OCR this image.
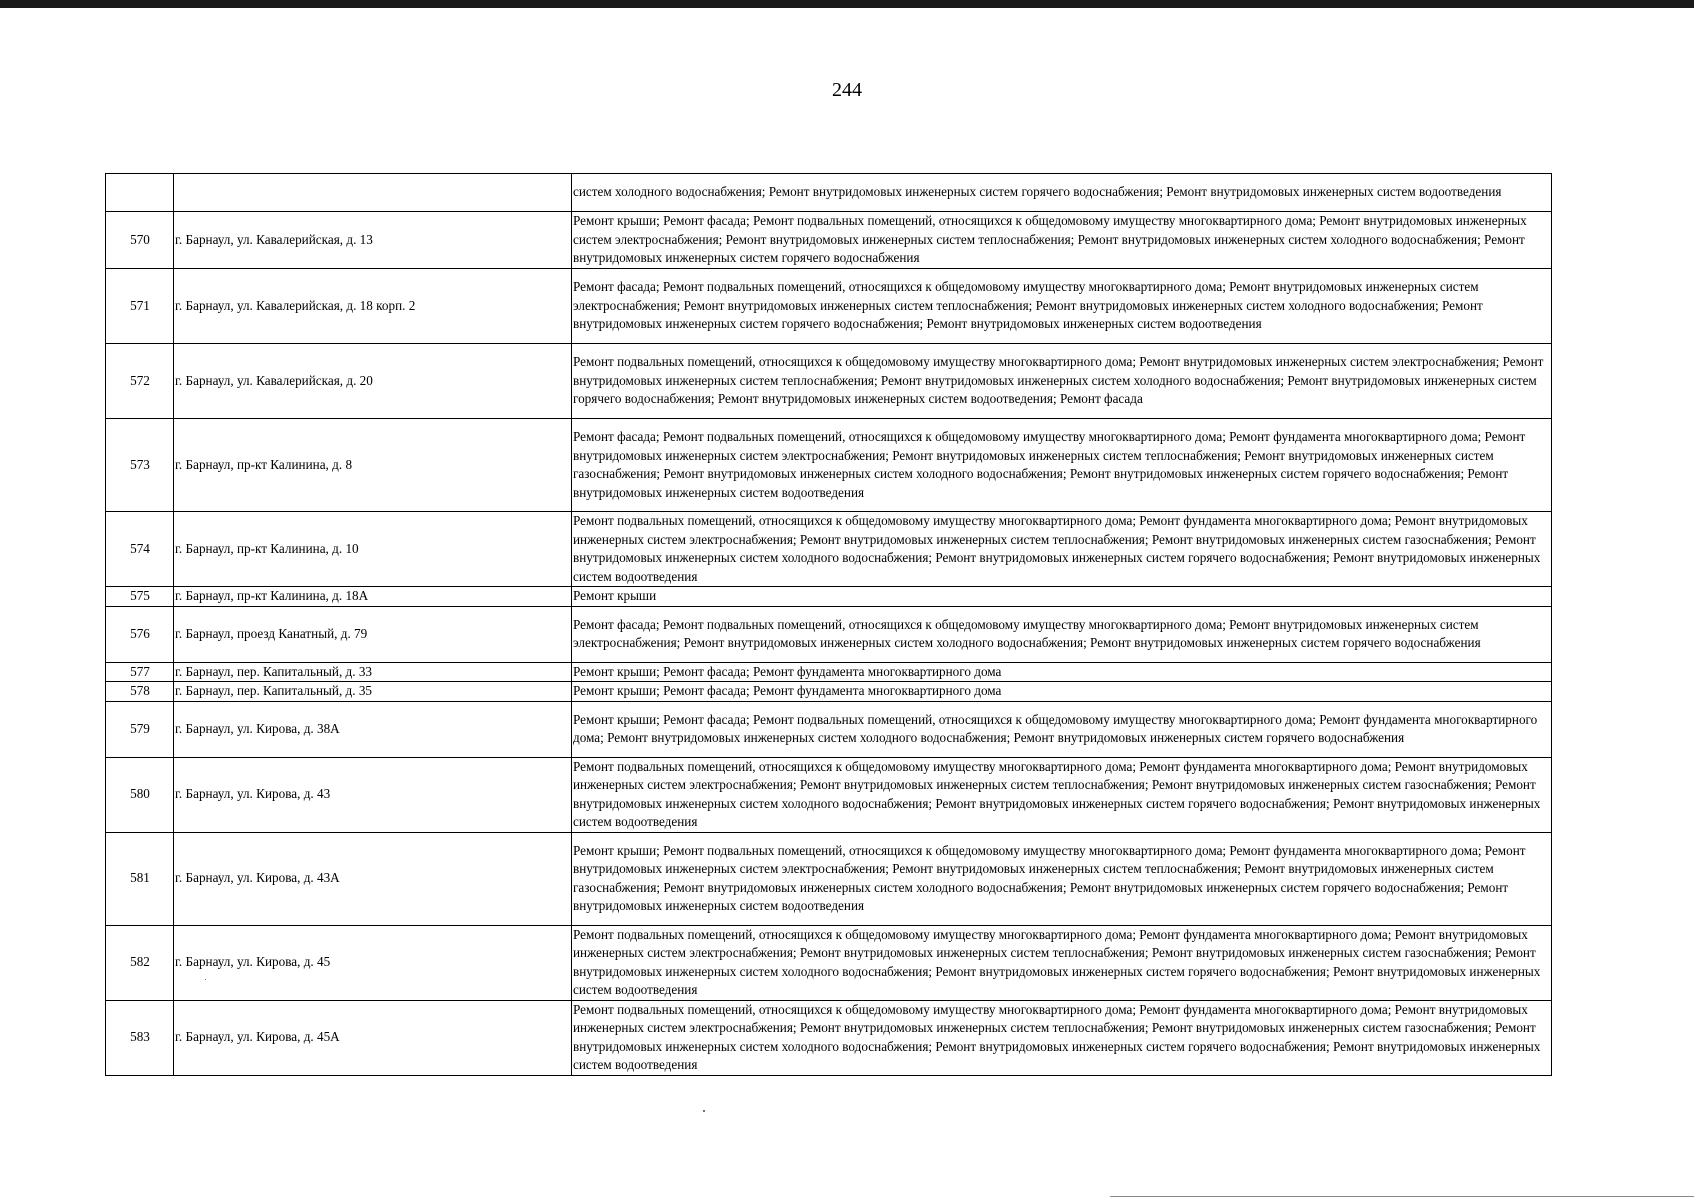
244
		систем холодного водоснабжения; Ремонт внутридомовых инженерных систем горячего водоснабжения; Ремонт внутридомовых инженерных систем водоотведения
570	г. Барнаул, ул. Кавалерийская, д. 13	Ремонт крыши; Ремонт фасада; Ремонт подвальных помещений, относящихся к общедомовому имуществу многоквартирного дома; Ремонт внутридомовых инженерных систем электроснабжения; Ремонт внутридомовых инженерных систем теплоснабжения; Ремонт внутридомовых инженерных систем холодного водоснабжения; Ремонт внутридомовых инженерных систем горячего водоснабжения
571	г. Барнаул, ул. Кавалерийская, д. 18 корп. 2	Ремонт фасада; Ремонт подвальных помещений, относящихся к общедомовому имуществу многоквартирного дома; Ремонт внутридомовых инженерных систем электроснабжения; Ремонт внутридомовых инженерных систем теплоснабжения; Ремонт внутридомовых инженерных систем холодного водоснабжения; Ремонт внутридомовых инженерных систем горячего водоснабжения; Ремонт внутридомовых инженерных систем водоотведения
572	г. Барнаул, ул. Кавалерийская, д. 20	Ремонт подвальных помещений, относящихся к общедомовому имуществу многоквартирного дома; Ремонт внутридомовых инженерных систем электроснабжения; Ремонт внутридомовых инженерных систем теплоснабжения; Ремонт внутридомовых инженерных систем холодного водоснабжения; Ремонт внутридомовых инженерных систем горячего водоснабжения; Ремонт внутридомовых инженерных систем водоотведения; Ремонт фасада
573	г. Барнаул, пр-кт Калинина, д. 8	Ремонт фасада; Ремонт подвальных помещений, относящихся к общедомовому имуществу многоквартирного дома; Ремонт фундамента многоквартирного дома; Ремонт внутридомовых инженерных систем электроснабжения; Ремонт внутридомовых инженерных систем теплоснабжения; Ремонт внутридомовых инженерных систем газоснабжения; Ремонт внутридомовых инженерных систем холодного водоснабжения; Ремонт внутридомовых инженерных систем горячего водоснабжения; Ремонт внутридомовых инженерных систем водоотведения
574	г. Барнаул, пр-кт Калинина, д. 10	Ремонт подвальных помещений, относящихся к общедомовому имуществу многоквартирного дома; Ремонт фундамента многоквартирного дома; Ремонт внутридомовых инженерных систем электроснабжения; Ремонт внутридомовых инженерных систем теплоснабжения; Ремонт внутридомовых инженерных систем газоснабжения; Ремонт внутридомовых инженерных систем холодного водоснабжения; Ремонт внутридомовых инженерных систем горячего водоснабжения; Ремонт внутридомовых инженерных систем водоотведения
575	г. Барнаул, пр-кт Калинина, д. 18А	Ремонт крыши
576	г. Барнаул, проезд Канатный, д. 79	Ремонт фасада; Ремонт подвальных помещений, относящихся к общедомовому имуществу многоквартирного дома; Ремонт внутридомовых инженерных систем электроснабжения; Ремонт внутридомовых инженерных систем холодного водоснабжения; Ремонт внутридомовых инженерных систем горячего водоснабжения
577	г. Барнаул, пер. Капитальный, д. 33	Ремонт крыши; Ремонт фасада; Ремонт фундамента многоквартирного дома
578	г. Барнаул, пер. Капитальный, д. 35	Ремонт крыши; Ремонт фасада; Ремонт фундамента многоквартирного дома
579	г. Барнаул, ул. Кирова, д. 38А	Ремонт крыши; Ремонт фасада; Ремонт подвальных помещений, относящихся к общедомовому имуществу многоквартирного дома; Ремонт фундамента многоквартирного дома; Ремонт внутридомовых инженерных систем холодного водоснабжения; Ремонт внутридомовых инженерных систем горячего водоснабжения
580	г. Барнаул, ул. Кирова, д. 43	Ремонт подвальных помещений, относящихся к общедомовому имуществу многоквартирного дома; Ремонт фундамента многоквартирного дома; Ремонт внутридомовых инженерных систем электроснабжения; Ремонт внутридомовых инженерных систем теплоснабжения; Ремонт внутридомовых инженерных систем газоснабжения; Ремонт внутридомовых инженерных систем холодного водоснабжения; Ремонт внутридомовых инженерных систем горячего водоснабжения; Ремонт внутридомовых инженерных систем водоотведения
581	г. Барнаул, ул. Кирова, д. 43А	Ремонт крыши; Ремонт подвальных помещений, относящихся к общедомовому имуществу многоквартирного дома; Ремонт фундамента многоквартирного дома; Ремонт внутридомовых инженерных систем электроснабжения; Ремонт внутридомовых инженерных систем теплоснабжения; Ремонт внутридомовых инженерных систем газоснабжения; Ремонт внутридомовых инженерных систем холодного водоснабжения; Ремонт внутридомовых инженерных систем горячего водоснабжения; Ремонт внутридомовых инженерных систем водоотведения
582	г. Барнаул, ул. Кирова, д. 45	Ремонт подвальных помещений, относящихся к общедомовому имуществу многоквартирного дома; Ремонт фундамента многоквартирного дома; Ремонт внутридомовых инженерных систем электроснабжения; Ремонт внутридомовых инженерных систем теплоснабжения; Ремонт внутридомовых инженерных систем газоснабжения; Ремонт внутридомовых инженерных систем холодного водоснабжения; Ремонт внутридомовых инженерных систем горячего водоснабжения; Ремонт внутридомовых инженерных систем водоотведения
583	г. Барнаул, ул. Кирова, д. 45А	Ремонт подвальных помещений, относящихся к общедомовому имуществу многоквартирного дома; Ремонт фундамента многоквартирного дома; Ремонт внутридомовых инженерных систем электроснабжения; Ремонт внутридомовых инженерных систем теплоснабжения; Ремонт внутридомовых инженерных систем газоснабжения; Ремонт внутридомовых инженерных систем холодного водоснабжения; Ремонт внутридомовых инженерных систем горячего водоснабжения; Ремонт внутридомовых инженерных систем водоотведения
